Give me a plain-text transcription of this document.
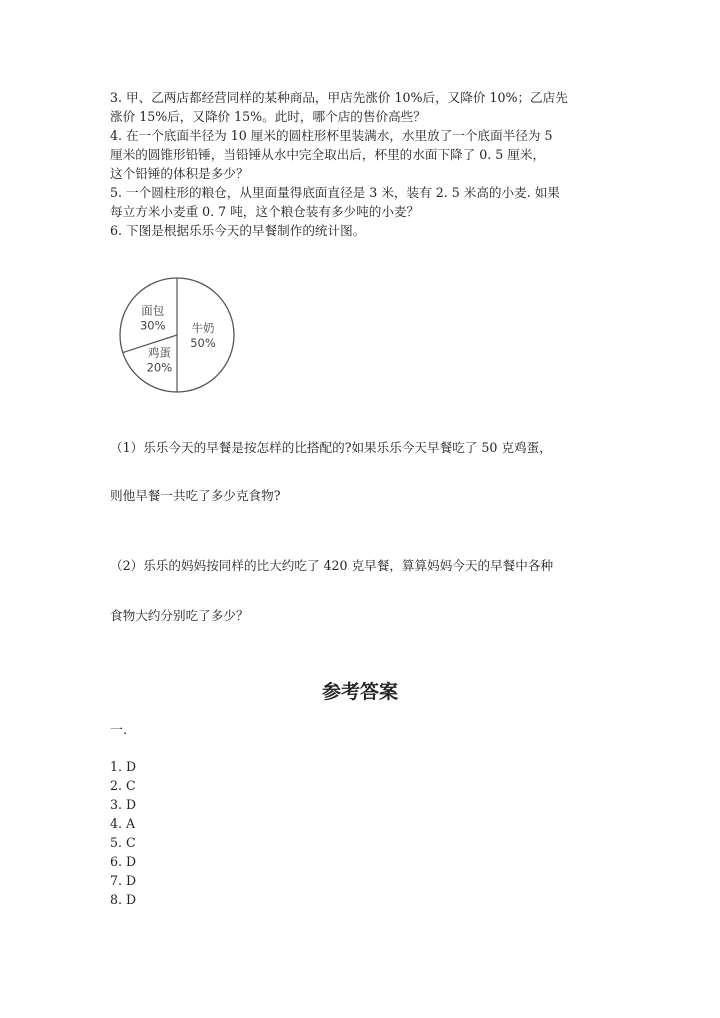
3. 甲、乙两店都经营同样的某种商品，甲店先涨价 10%后，又降价 10%；乙店先
涨价 15%后，又降价 15%。此时，哪个店的售价高些？
4. 在一个底面半径为 10 厘米的圆柱形杯里装满水，水里放了一个底面半径为 5
厘米的圆锥形铅锤，当铅锤从水中完全取出后，杯里的水面下降了 0. 5 厘米，
这个铅锤的体积是多少？
5. 一个圆柱形的粮仓，从里面量得底面直径是 3 米，装有 2. 5 米高的小麦. 如果
每立方米小麦重 0. 7 吨，这个粮仓装有多少吨的小麦？
6. 下图是根据乐乐今天的早餐制作的统计图。
牛奶
50%
鸡蛋
20%
面包
30%
（1）乐乐今天的早餐是按怎样的比搭配的?如果乐乐今天早餐吃了 50 克鸡蛋，
则他早餐一共吃了多少克食物?
（2）乐乐的妈妈按同样的比大约吃了 420 克早餐，算算妈妈今天的早餐中各种
食物大约分别吃了多少？
参考答案
一.
1. D
2. C
3. D
4. A
5. C
6. D
7. D
8. D
